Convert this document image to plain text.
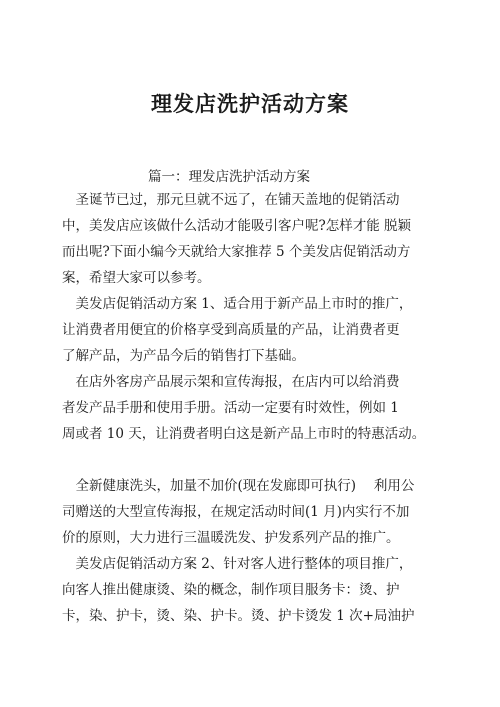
理发店洗护活动方案
篇一：理发店洗护活动方案
　圣诞节已过，那元旦就不远了，在铺天盖地的促销活动
中，美发店应该做什么活动才能吸引客户呢?怎样才能 脱颖
而出呢?下面小编今天就给大家推荐 5 个美发店促销活动方
案，希望大家可以参考。
　美发店促销活动方案 1、适合用于新产品上市时的推广，
让消费者用便宜的价格享受到高质量的产品，让消费者更
了解产品，为产品今后的销售打下基础。
　在店外客房产品展示架和宣传海报，在店内可以给消费
者发产品手册和使用手册。活动一定要有时效性，例如 1
周或者 10 天，让消费者明白这是新产品上市时的特惠活动。
　全新健康洗头，加量不加价(现在发廊即可执行)　 利用公
司赠送的大型宣传海报，在规定活动时间(1 月)内实行不加
价的原则，大力进行三温暖洗发、护发系列产品的推广。
　美发店促销活动方案 2、针对客人进行整体的项目推广，
向客人推出健康烫、染的概念，制作项目服务卡：烫、护
卡，染、护卡，烫、染、护卡。烫、护卡烫发 1 次+局油护
